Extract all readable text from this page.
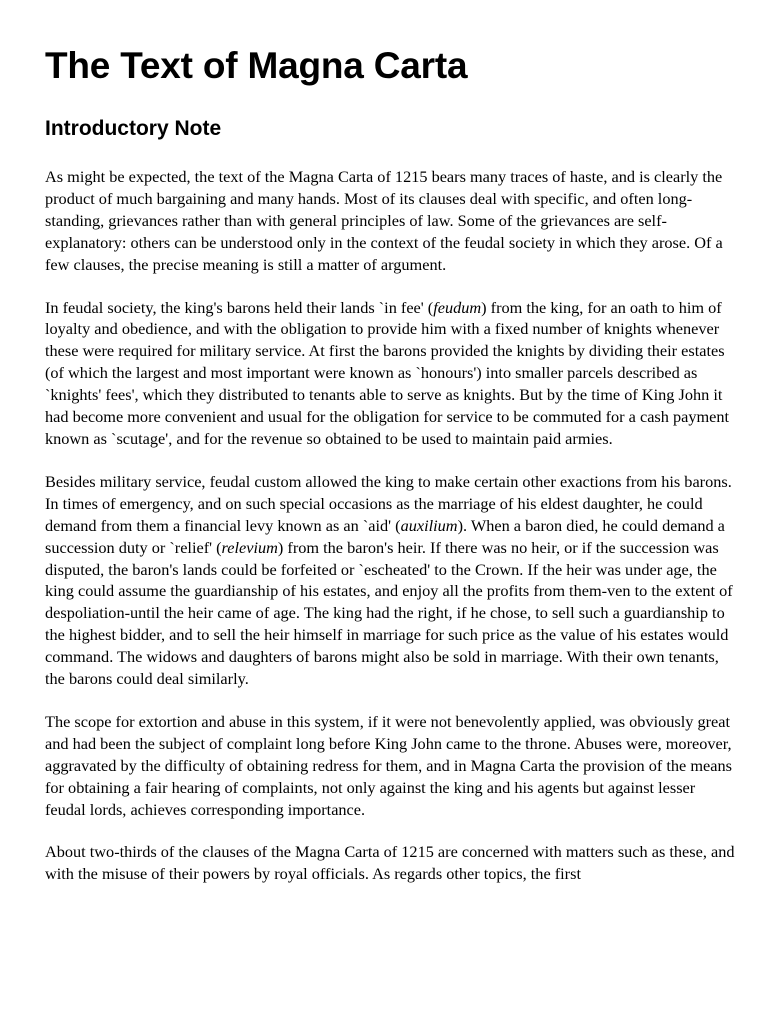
The Text of Magna Carta
Introductory Note

As might be expected, the text of the Magna Carta of 1215 bears many traces of haste, and is clearly the product of much bargaining and many hands. Most of its clauses deal with specific, and often long-standing, grievances rather than with general principles of law. Some of the grievances are self-explanatory: others can be understood only in the context of the feudal society in which they arose. Of a few clauses, the precise meaning is still a matter of argument.

In feudal society, the king's barons held their lands `in fee' (feudum) from the king, for an oath to him of loyalty and obedience, and with the obligation to provide him with a fixed number of knights whenever these were required for military service. At first the barons provided the knights by dividing their estates (of which the largest and most important were known as `honours') into smaller parcels described as `knights' fees', which they distributed to tenants able to serve as knights. But by the time of King John it had become more convenient and usual for the obligation for service to be commuted for a cash payment known as `scutage', and for the revenue so obtained to be used to maintain paid armies.

Besides military service, feudal custom allowed the king to make certain other exactions from his barons. In times of emergency, and on such special occasions as the marriage of his eldest daughter, he could demand from them a financial levy known as an `aid' (auxilium). When a baron died, he could demand a succession duty or `relief' (relevium) from the baron's heir. If there was no heir, or if the succession was disputed, the baron's lands could be forfeited or `escheated' to the Crown. If the heir was under age, the king could assume the guardianship of his estates, and enjoy all the profits from them-ven to the extent of despoliation-until the heir came of age. The king had the right, if he chose, to sell such a guardianship to the highest bidder, and to sell the heir himself in marriage for such price as the value of his estates would command. The widows and daughters of barons might also be sold in marriage. With their own tenants, the barons could deal similarly.

The scope for extortion and abuse in this system, if it were not benevolently applied, was obviously great and had been the subject of complaint long before King John came to the throne. Abuses were, moreover, aggravated by the difficulty of obtaining redress for them, and in Magna Carta the provision of the means for obtaining a fair hearing of complaints, not only against the king and his agents but against lesser feudal lords, achieves corresponding importance.

About two-thirds of the clauses of the Magna Carta of 1215 are concerned with matters such as these, and with the misuse of their powers by royal officials. As regards other topics, the first
